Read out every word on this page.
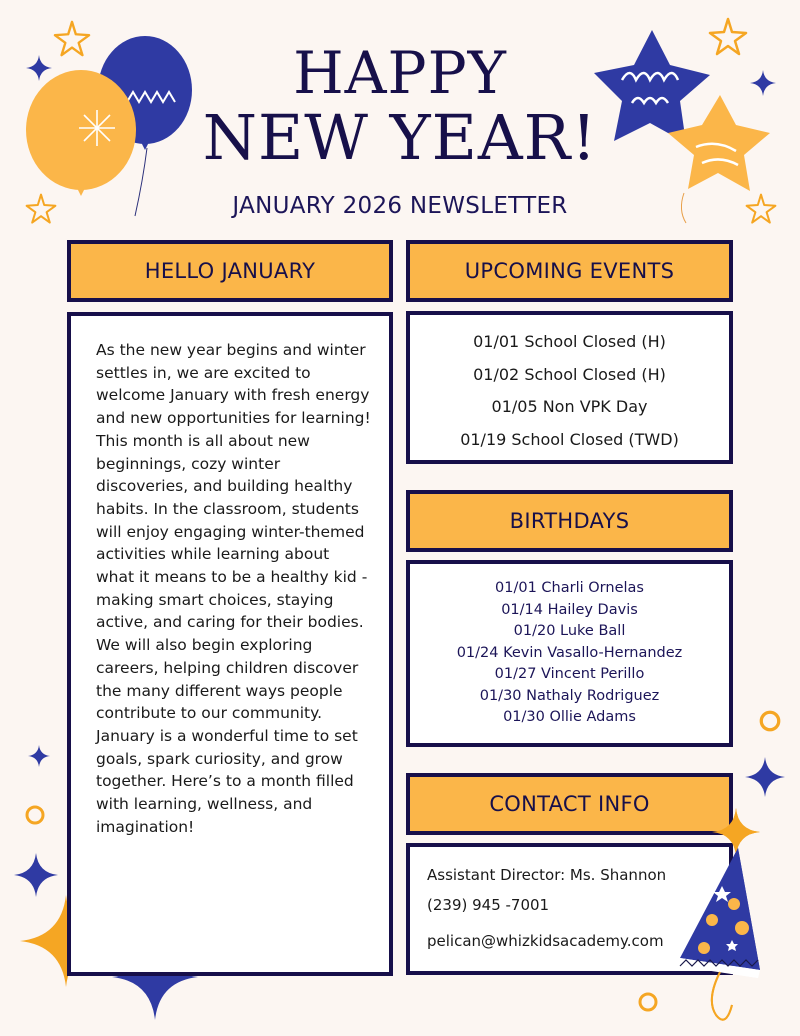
HAPPY
NEW YEAR!
JANUARY 2026 NEWSLETTER
HELLO JANUARY
As the new year begins and winter settles in, we are excited to welcome January with fresh energy and new opportunities for learning! This month is all about new beginnings, cozy winter discoveries, and building healthy habits. In the classroom, students will enjoy engaging winter-themed activities while learning about what it means to be a healthy kid - making smart choices, staying active, and caring for their bodies. We will also begin exploring careers, helping children discover the many different ways people contribute to our community. January is a wonderful time to set goals, spark curiosity, and grow together. Here’s to a month filled with learning, wellness, and imagination!
UPCOMING EVENTS
01/01 School Closed (H)
01/02 School Closed (H)
01/05 Non VPK Day
01/19 School Closed (TWD)
BIRTHDAYS
01/01 Charli Ornelas
01/14 Hailey Davis
01/20 Luke Ball
01/24 Kevin Vasallo-Hernandez
01/27 Vincent Perillo
01/30 Nathaly Rodriguez
01/30 Ollie Adams
CONTACT INFO
Assistant Director: Ms. Shannon
(239) 945 -7001
pelican@whizkidsacademy.com
